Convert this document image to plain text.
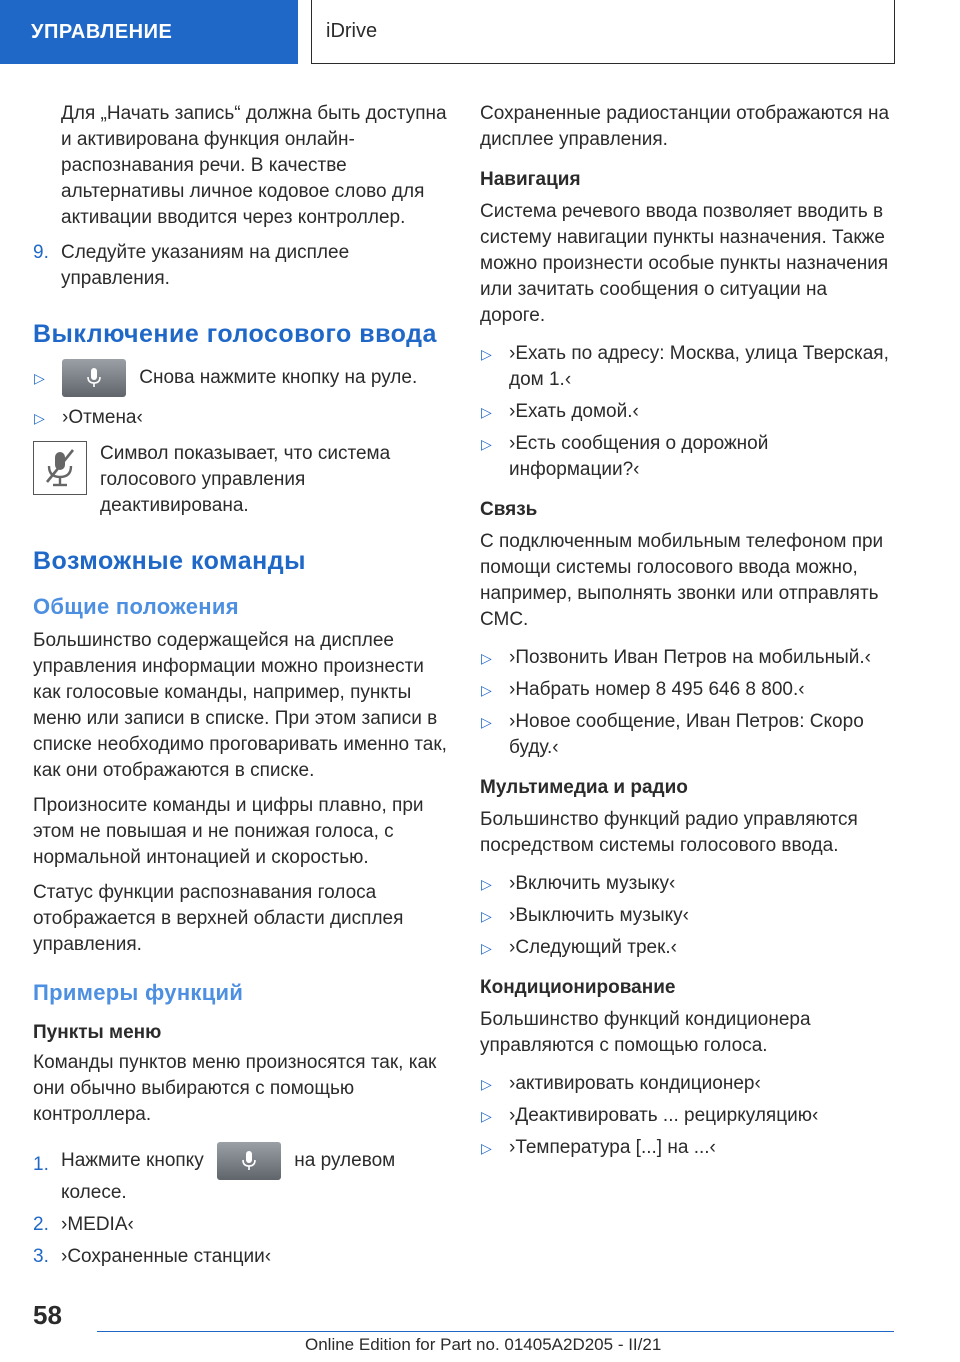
УПРАВЛЕНИЕ	iDrive

Для „Начать запись“ должна быть доступна и активирована функция онлайн-распознавания речи. В качестве альтернативы личное кодовое слово для активации вводится через контроллер.

9. Следуйте указаниям на дисплее управления.
Выключение голосового ввода
▷	Снова нажмите кнопку на руле.
▷ ›Отмена‹

Символ показывает, что система голосового управления деактивирована.

Возможные команды
Общие положения

Большинство содержащейся на дисплее управления информации можно произнести как голосовые команды, например, пункты меню или записи в списке. При этом записи в списке необходимо проговаривать именно так, как они отображаются в списке.

Произносите команды и цифры плавно, при этом не повышая и не понижая голоса, с нормальной интонацией и скоростью.

Статус функции распознавания голоса отображается в верхней области дисплея управления.

Примеры функций
Пункты меню

Команды пунктов меню произносятся так, как они обычно выбираются с помощью контроллера.

1. Нажмите кнопку	на рулевом колесе.
2. ›MEDIA‹
3. ›Сохраненные станции‹

Сохраненные радиостанции отображаются на дисплее управления.

Навигация

Система речевого ввода позволяет вводить в систему навигации пункты назначения. Также можно произнести особые пункты назначения или зачитать сообщения о ситуации на дороге.

▷ ›Ехать по адресу: Москва, улица Тверская, дом 1.‹
▷ ›Ехать домой.‹
▷ ›Есть сообщения о дорожной информации?‹
Связь

С подключенным мобильным телефоном при помощи системы голосового ввода можно, например, выполнять звонки или отправлять СМС.

▷ ›Позвонить Иван Петров на мобильный.‹
▷ ›Набрать номер 8 495 646 8 800.‹
▷ ›Новое сообщение, Иван Петров: Скоро буду.‹
Мультимедиа и радио

Большинство функций радио управляются посредством системы голосового ввода.

▷ ›Включить музыку‹
▷ ›Выключить музыку‹
▷ ›Следующий трек.‹
Кондиционирование

Большинство функций кондиционера управляются с помощью голоса.

▷ ›активировать кондиционер‹
▷ ›Деактивировать ... рециркуляцию‹
▷ ›Температура [...] на ...‹
58
Online Edition for Part no. 01405A2D205 - II/21
